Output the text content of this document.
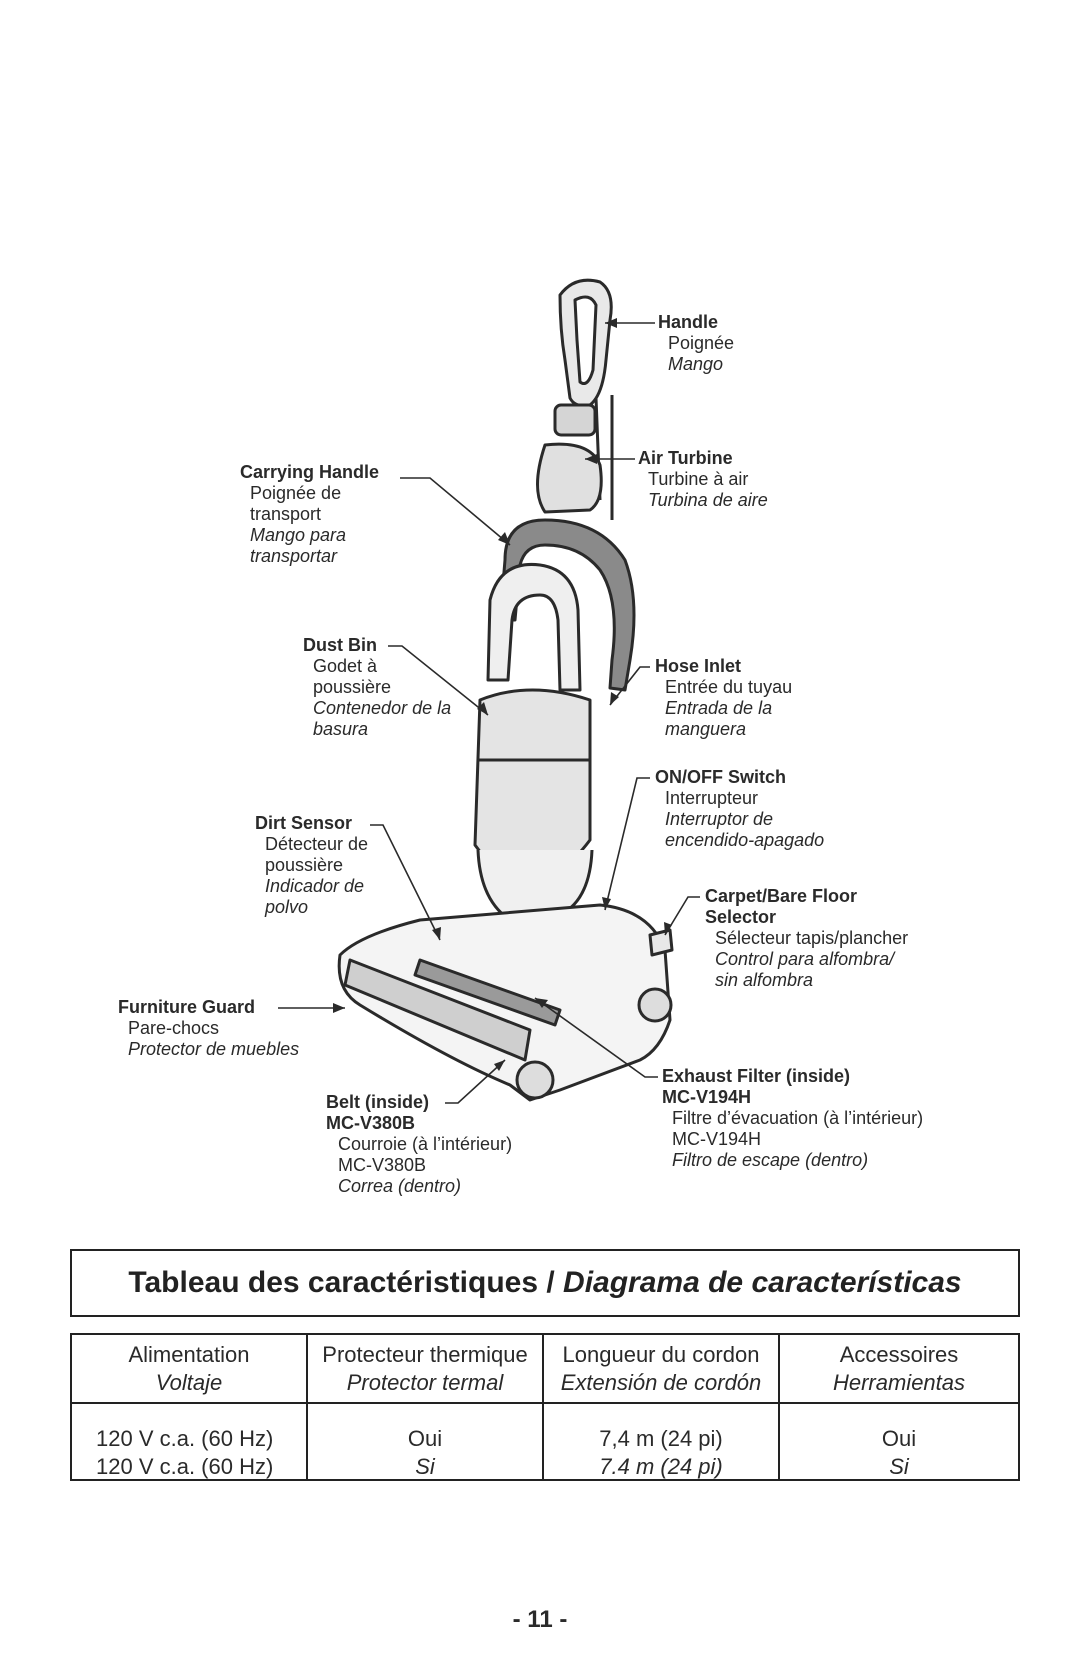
Handle
Poignée
Mango
Air Turbine
Turbine à air
Turbina de aire
Carrying Handle
Poignée de transport
Mango para transportar
Dust Bin
Godet à poussière
Contenedor de la basura
Hose Inlet
Entrée du tuyau
Entrada de la manguera
ON/OFF Switch
Interrupteur
Interruptor de encendido-apagado
Dirt Sensor
Détecteur de poussière
Indicador de polvo
Carpet/Bare Floor Selector
Sélecteur tapis/plancher
Control para alfombra/ sin alfombra
Furniture Guard
Pare-chocs
Protector de muebles
Exhaust Filter (inside)
MC-V194H
Filtre d’évacuation (à l’intérieur)
MC-V194H
Filtro de escape (dentro)
Belt (inside)
MC-V380B
Courroie (à l’intérieur)
MC-V380B
Correa (dentro)
Tableau des caractéristiques / Diagrama de características
Alimentation
Voltaje
120 V c.a. (60 Hz)
120 V c.a. (60 Hz)
Protecteur thermique
Protector termal
Oui
Si
Longueur du cordon
Extensión de cordón
7,4 m (24 pi)
7.4 m (24 pi)
Accessoires
Herramientas
Oui
Si
- 11 -
